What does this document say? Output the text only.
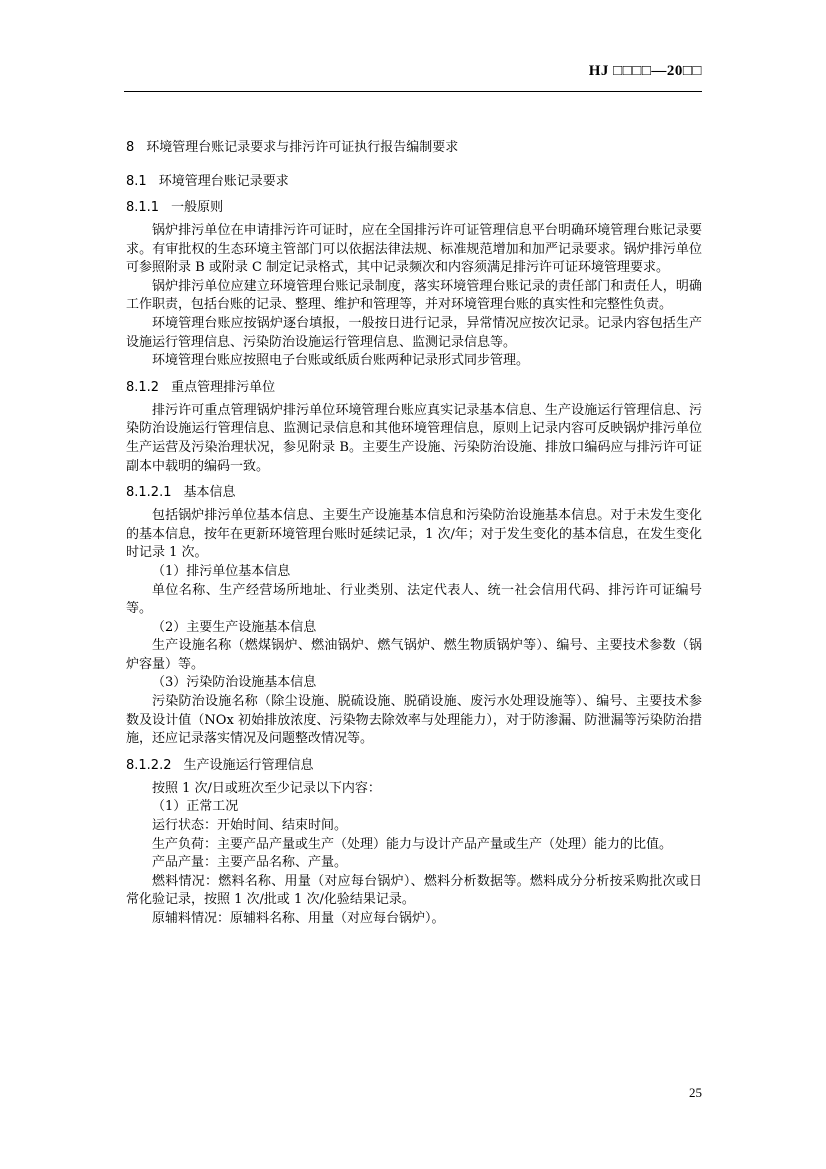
HJ □□□□—20□□
8 环境管理台账记录要求与排污许可证执行报告编制要求
8.1 环境管理台账记录要求
8.1.1 一般原则

锅炉排污单位在申请排污许可证时，应在全国排污许可证管理信息平台明确环境管理台账记录要求。有审批权的生态环境主管部门可以依据法律法规、标准规范增加和加严记录要求。锅炉排污单位可参照附录 B 或附录 C 制定记录格式，其中记录频次和内容须满足排污许可证环境管理要求。

锅炉排污单位应建立环境管理台账记录制度，落实环境管理台账记录的责任部门和责任人，明确工作职责，包括台账的记录、整理、维护和管理等，并对环境管理台账的真实性和完整性负责。

环境管理台账应按锅炉逐台填报，一般按日进行记录，异常情况应按次记录。记录内容包括生产设施运行管理信息、污染防治设施运行管理信息、监测记录信息等。

环境管理台账应按照电子台账或纸质台账两种记录形式同步管理。

8.1.2 重点管理排污单位

排污许可重点管理锅炉排污单位环境管理台账应真实记录基本信息、生产设施运行管理信息、污染防治设施运行管理信息、监测记录信息和其他环境管理信息，原则上记录内容可反映锅炉排污单位生产运营及污染治理状况，参见附录 B。主要生产设施、污染防治设施、排放口编码应与排污许可证副本中载明的编码一致。

8.1.2.1 基本信息

包括锅炉排污单位基本信息、主要生产设施基本信息和污染防治设施基本信息。对于未发生变化的基本信息，按年在更新环境管理台账时延续记录，1 次/年；对于发生变化的基本信息，在发生变化时记录 1 次。

（1）排污单位基本信息

单位名称、生产经营场所地址、行业类别、法定代表人、统一社会信用代码、排污许可证编号等。

（2）主要生产设施基本信息

生产设施名称（燃煤锅炉、燃油锅炉、燃气锅炉、燃生物质锅炉等）、编号、主要技术参数（锅炉容量）等。

（3）污染防治设施基本信息

污染防治设施名称（除尘设施、脱硫设施、脱硝设施、废污水处理设施等）、编号、主要技术参数及设计值（NOx 初始排放浓度、污染物去除效率与处理能力），对于防渗漏、防泄漏等污染防治措施，还应记录落实情况及问题整改情况等。

8.1.2.2 生产设施运行管理信息

按照 1 次/日或班次至少记录以下内容：

（1）正常工况

运行状态：开始时间、结束时间。

生产负荷：主要产品产量或生产（处理）能力与设计产品产量或生产（处理）能力的比值。

产品产量：主要产品名称、产量。

燃料情况：燃料名称、用量（对应每台锅炉）、燃料分析数据等。燃料成分分析按采购批次或日常化验记录，按照 1 次/批或 1 次/化验结果记录。

原辅料情况：原辅料名称、用量（对应每台锅炉）。

25
